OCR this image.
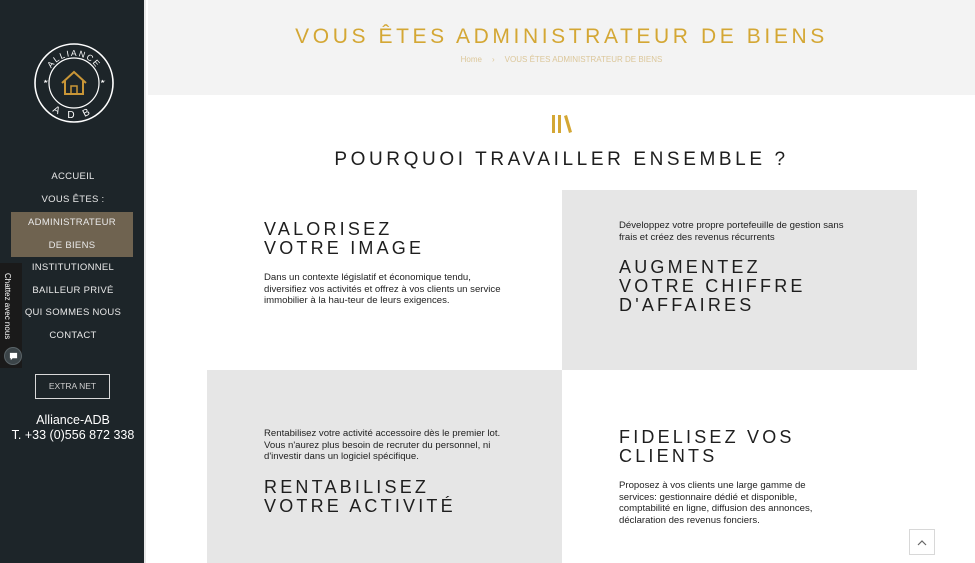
ALLIANCE
ADB
ACCUEIL
VOUS ÊTES :
ADMINISTRATEUR
DE BIENS
INSTITUTIONNEL
BAILLEUR PRIVÉ
QUI SOMMES NOUS
CONTACT
EXTRA NET
Alliance-ADB
T. +33 (0)556 872 338
Chattez avec nous
VOUS ÊTES ADMINISTRATEUR DE BIENS
Home › VOUS ÊTES ADMINISTRATEUR DE BIENS
POURQUOI TRAVAILLER ENSEMBLE ?
VALORISEZ
VOTRE IMAGE
Dans un contexte législatif et économique tendu, diversifiez vos activités et offrez à vos clients un service immobilier à la hau-teur de leurs exigences.
Développez votre propre portefeuille de gestion sans frais et créez des revenus récurrents
AUGMENTEZ
VOTRE CHIFFRE
D'AFFAIRES
Rentabilisez votre activité accessoire dès le premier lot. Vous n'aurez plus besoin de recruter du personnel, ni d'investir dans un logiciel spécifique.
RENTABILISEZ
VOTRE ACTIVITÉ
FIDELISEZ VOS
CLIENTS
Proposez à vos clients une large gamme de services: gestionnaire dédié et disponible, comptabilité en ligne, diffusion des annonces, déclaration des revenus fonciers.
